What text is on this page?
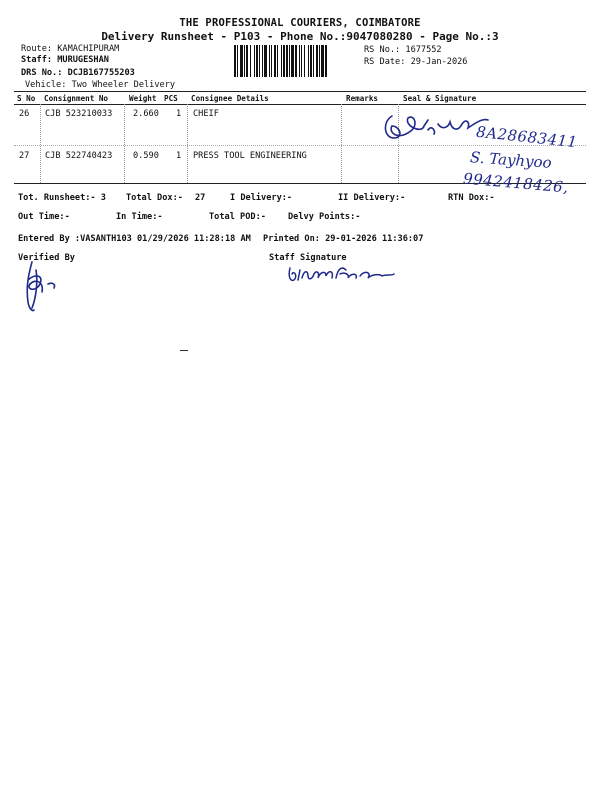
THE PROFESSIONAL COURIERS, COIMBATORE
Delivery Runsheet - P103 - Phone No.:9047080280 - Page No.:3
Route: KAMACHIPURAM
Staff: MURUGESHAN
DRS No.: DCJB167755203
Vehicle: Two Wheeler Delivery
RS No.: 1677552
RS Date: 29-Jan-2026
S No Consignment No	Weight PCS Consignee Details	Remarks	Seal & Signature
26 CJB 523210033 2.660 1 CHEIF
27 CJB 522740423 0.590 1 PRESS TOOL ENGINEERING
8A28683411
S. Tayhyoo
9942418426,
Tot. Runsheet:- 3 Total Dox:- 27	I Delivery:-	II Delivery:-	RTN Dox:-
Out Time:-	In Time:-	Total POD:-	Delvy Points:-
Entered By :VASANTH103 01/29/2026 11:28:18 AM Printed On: 29-01-2026 11:36:07
Verified By	Staff Signature
